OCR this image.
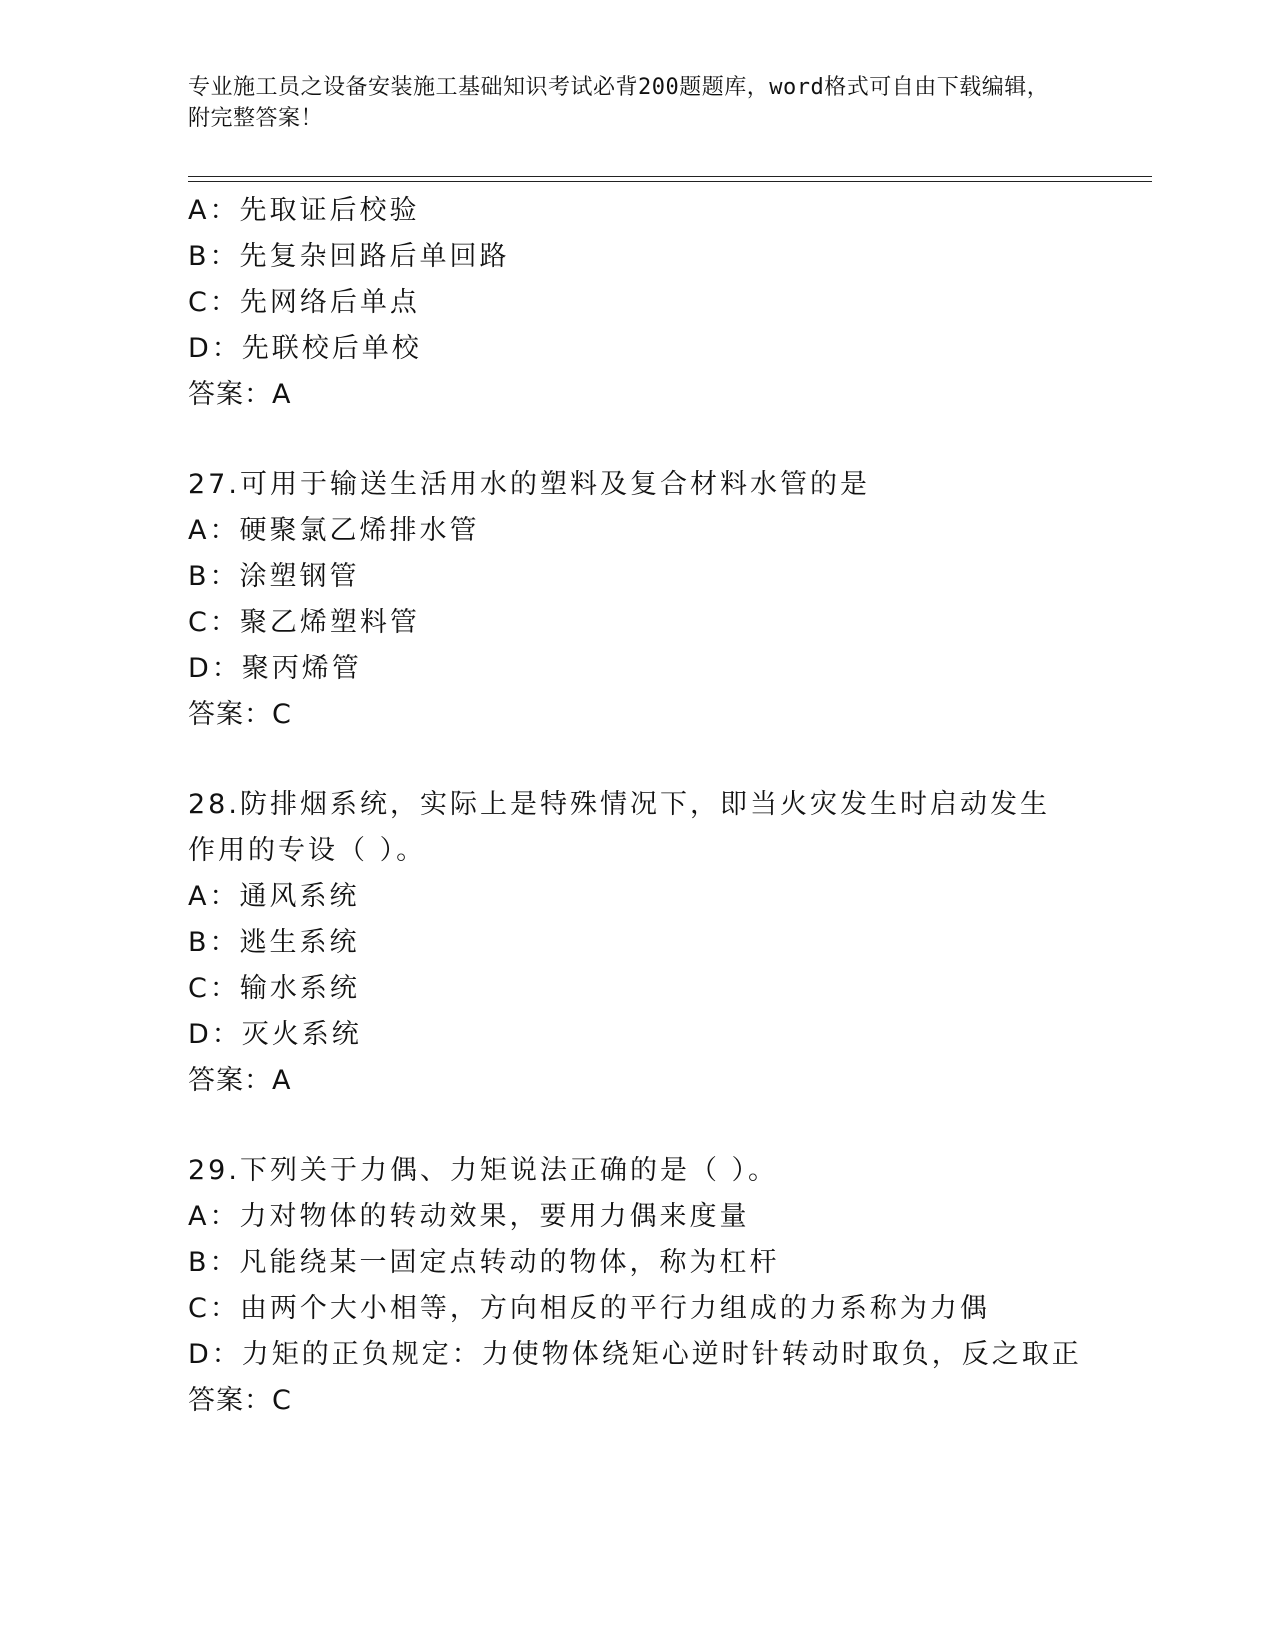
专业施工员之设备安装施工基础知识考试必背200题题库，word格式可自由下载编辑，附完整答案！
A：先取证后校验
B：先复杂回路后单回路
C：先网络后单点
D：先联校后单校
答案：A
27.可用于输送生活用水的塑料及复合材料水管的是
A：硬聚氯乙烯排水管
B：涂塑钢管
C：聚乙烯塑料管
D：聚丙烯管
答案：C
28.防排烟系统，实际上是特殊情况下，即当火灾发生时启动发生作用的专设（ ）。
A：通风系统
B：逃生系统
C：输水系统
D：灭火系统
答案：A
29.下列关于力偶、力矩说法正确的是（ ）。
A：力对物体的转动效果，要用力偶来度量
B：凡能绕某一固定点转动的物体，称为杠杆
C：由两个大小相等，方向相反的平行力组成的力系称为力偶
D：力矩的正负规定：力使物体绕矩心逆时针转动时取负，反之取正
答案：C
